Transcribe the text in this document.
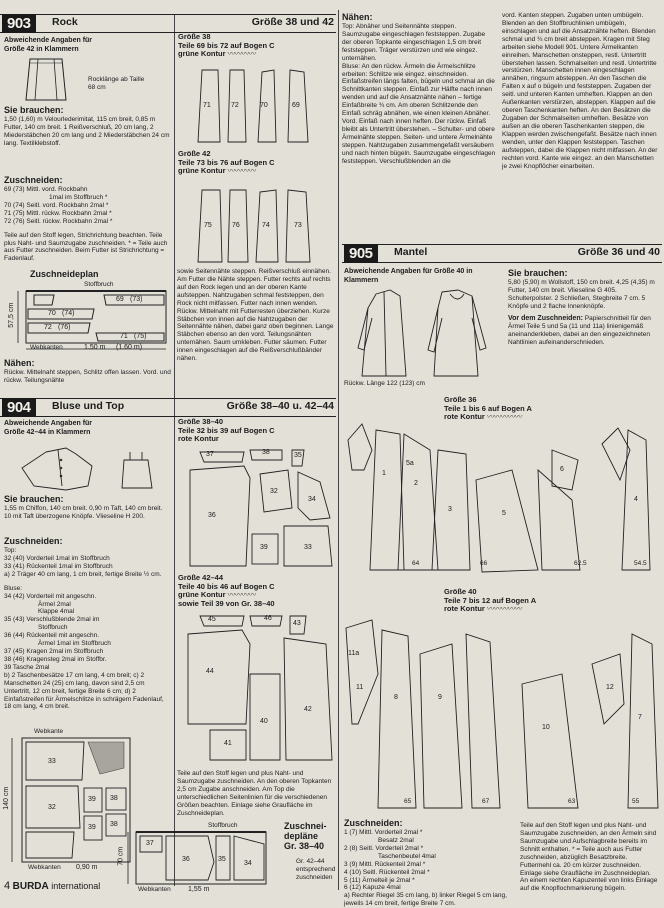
903	Rock	Größe 38 und 42
Abweichende Angaben für Größe 42 in Klammern
Rocklänge ab Taille 68 cm
Sie brauchen:

1,50 (1,60) m Velourlederimitat, 115 cm breit, 0,85 m Futter, 140 cm breit. 1 Reißverschluß, 20 cm lang, 2 Miederstäbchen 20 cm lang und 2 Miederstäbchen 24 cm lang. Textilklebstoff.

Zuschneiden:

69 (73) Mittl. vord. Rockbahn

1mal im Stoffbruch *

70 (74) Seitl. vord. Rockbahn 2mal *

71 (75) Mittl. rückw. Rockbahn 2mal *

72 (76) Seitl. rückw. Rockbahn 2mal *

Teile auf den Stoff legen, Strichrichtung beachten. Teile plus Naht- und Saumzugabe zuschneiden. * = Teile auch aus Futter zuschneiden. Beim Futter ist Strichrichtung = Fadenlauf.

Zuschneideplan
Stoffbruch
57,5 cm
69 (73)
70 (74)
72 (76)
71 (75)
Webkanten	1.50 m (1.60 m)
Nähen:

Rückw. Mittelnaht steppen, Schlitz offen lassen. Vord. und rückw. Teilungsnähte

Größe 38
Teile 69 bis 72 auf Bogen C
grüne Kontur 〰〰〰〰
71	72	70	69
Größe 42
Teile 73 bis 76 auf Bogen C
grüne Kontur 〰〰〰〰
75	76	74	73
sowie Seitennähte steppen. Reißverschluß einnähen. Am Futter die Nähte steppen. Futter rechts auf rechts auf den Rock legen und an der oberen Kante aufsteppen. Nahtzugaben schmal feststeppen, den Rock nicht mitfassen. Futter nach innen wenden. Rückw. Mittelnaht mit Futterresten überziehen. Kurze Stäbchen von innen auf die Nahtzugaben der Seitennähte nähen, dabei ganz oben beginnen. Lange Stäbchen ebenso an den vord. Teilungsnähten unternähen. Saum umkleben. Futter säumen. Futter innen eingeschlagen auf die Reißverschlußbänder nähen.
904	Bluse und Top	Größe 38–40 u. 42–44
Abweichende Angaben für Größe 42–44 in Klammern
Sie brauchen:

1,55 m Chiffon, 140 cm breit. 0,90 m Taft, 140 cm breit. 10 mit Taft überzogene Knöpfe. Vlieseline H 200.

Zuschneiden:

Top:

32 (40) Vorderteil 1mal im Stoffbruch

33 (41) Rückenteil 1mal im Stoffbruch

a) 2 Träger 40 cm lang, 1 cm breit, fertige Breite ½ cm.

Bluse:

34 (42) Vorderteil mit angeschn.

Ärmel 2mal

Klappe 4mal

35 (43) Verschlußblende 2mal im

Stoffbruch

36 (44) Rückenteil mit angeschn.

Ärmel 1mal im Stoffbruch

37 (45) Kragen 2mal im Stoffbruch

38 (46) Kragensteg 2mal im Stoffbr.

39 Tasche 2mal

b) 2 Taschenbesätze 17 cm lang, 4 cm breit; c) 2 Manschetten 24 (25) cm lang, davon sind 2,5 cm Untertritt, 12 cm breit, fertige Breite 6 cm; d) 2 Einfaßstreifen für Ärmelschlitze in schrägem Fadenlauf, 18 cm lang, 4 cm breit.

Webkante
140 cm
33
32
39
39
38
38
Webkanten 0,90 m
Größe 38–40
Teile 32 bis 39 auf Bogen C
rote Kontur
37	38	35
36
32
39
34
33
Größe 42–44
Teile 40 bis 46 auf Bogen C
grüne Kontur 〰〰〰〰
sowie Teil 39 von Gr. 38–40
45	46
43
44
41
40
42
Teile auf den Stoff legen und plus Naht- und Saumzugabe zuschneiden. An den oberen Topkanten 2,5 cm Zugabe anschneiden. Am Top die unterschiedlichen Seitenlinien für die verschiedenen Größen beachten. Einlage siehe Graufläche im Zuschneideplan.
Stoffbruch
70 cm
37
36	35
34
Webkanten 1,55 m
Zuschnei-
depläne
Gr. 38–40
Gr. 42–44 entsprechend zuschneiden
Nähen:

Top: Abnäher und Seitennähte steppen. Saumzugabe eingeschlagen feststeppen. Zugabe der oberen Topkante eingeschlagen 1,5 cm breit feststeppen. Träger verstürzen und wie eingez. unternähen.

Bluse: An den rückw. Ärmeln die Ärmelschlitze erbeiten: Schlitze wie eingez. einschneiden. Einfaßstreifen längs falten, bügeln und schmal an die Schnittkanten steppen. Einfaß zur Hälfte nach innen wenden und auf die Ansatznähte nähen – fertige Einfaßbreite ¾ cm. Am oberen Schlitzende den Einfaß schräg abnähen, wie einen kleinen Abnäher. Vord. Einfaß nach innen heften. Der rückw. Einfaß bleibt als Untertritt überstehen. – Schulter- und obere Ärmelnähte steppen. Seiten- und untere Ärmelnähte steppen. Nahtzugaben zusammengefaßt versäubern und nach hinten bügeln. Saumzugabe eingeschlagen feststeppen. Verschlußblenden an die

vord. Kanten steppen. Zugaben unten umbügeln. Blenden an den Stoffbruchlinien umbügeln, einschlagen und auf die Ansatznähte heften. Blenden schmal und ¾ cm breit absteppen. Kragen mit Steg arbeiten siehe Modell 901. Untere Ärmelkanten einreihen. Manschetten onsteppen, restl. Untertritt überstehen lassen. Schmalseiten und restl. Untertritte verstürzen. Manschetten innen eingeschlagen annähen, ringsum absteppen. An den Taschen die Falten x auf o bügeln und feststeppen. Zugaben der seitl. und unteren Kanten umheften. Klappen an den Außenkanten verstürzen, absteppen. Klappen auf die oberen Taschenkanten heften. An den Besätzen die Zugaben der Schmalseiten umheften. Besätze von außen an die oberen Taschenkanten steppen, die Klappen werden zwischengefaßt. Besätze nach innen wenden, unter den Klappen feststeppen. Taschen aufsteppen, dabei die Klappen nicht mitfassen. An der rechten vord. Kante wie eingez. an den Manschetten je zwei Knopflöcher einarbeiten.
905	Mantel	Größe 36 und 40
Abweichende Angaben für Größe 40 in Klammern
Rückw. Länge 122 (123) cm
Sie brauchen:

5,80 (5,90) m Wollstoff, 150 cm breit. 4,25 (4,35) m Futter, 140 cm breit. Vlieseline G 405. Schulterpolster. 2 Schließen, Stegbreite 7 cm. 5 Knöpfe und 2 flache Innenknöpfe.

Vor dem Zuschneiden: Papierschnitteil für den Ärmel Teile 5 und 5a (11 und 11a) linienigemäß aneinanderkleben, dabei an den eingezeichneten Nahtlinien aufeinanderschnieden.

Größe 36
Teile 1 bis 6 auf Bogen A
rote Kontur 〰〰〰〰〰
1
2
5a
5
3
6
4
64	66	62.5	54.5
Größe 40
Teile 7 bis 12 auf Bogen A
rote Kontur 〰〰〰〰〰
11a
11
8	9
10
12
7
65	67	63	55
Zuschneiden:

1 (7) Mittl. Vorderteil 2mal *

Besatz 2mal

2 (8) Seitl. Vorderteil 2mal *

Taschenbeutel 4mal

3 (9) Mittl. Rückenteil 2mal *

4 (10) Seitl. Rückenteil 2mal *

5 (11) Ärmelteil je 2mal *

6 (12) Kapuze 4mal

a) Rechter Riegel 35 cm lang, b) linker Riegel 5 cm lang, jeweils 14 cm breit, fertige Breite 7 cm.

Teile auf den Stoff legen und plus Naht- und Saumzugabe zuschneiden, an den Ärmeln sind Saumzugabe und Aufschlagbreite bereits im Schnitt enthalten. * = Teile auch aus Futter zuschneiden, abzüglich Besatzbreite. Futtermehl ca. 20 cm kürzer zuschneiden. Einlage siehe Graufläche im Zuschneideplan. An einem rechten Kapuzenteil von links Einlage auf die Knopflochmarkierung bügeln.
4 BURDA international
